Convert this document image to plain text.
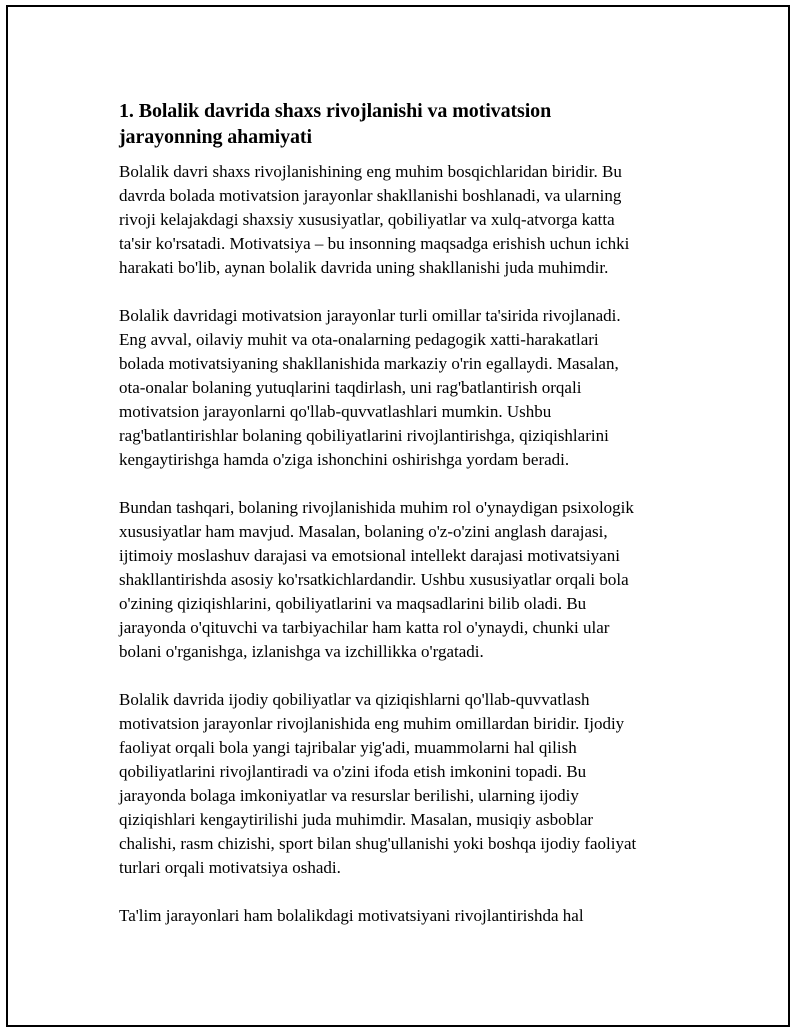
1. Bolalik davrida shaxs rivojlanishi va motivatsion
jarayonning ahamiyati

Bolalik davri shaxs rivojlanishining eng muhim bosqichlaridan biridir. Bu
davrda bolada motivatsion jarayonlar shakllanishi boshlanadi, va ularning
rivoji kelajakdagi shaxsiy xususiyatlar, qobiliyatlar va xulq-atvorga katta
ta'sir ko'rsatadi. Motivatsiya – bu insonning maqsadga erishish uchun ichki
harakati bo'lib, aynan bolalik davrida uning shakllanishi juda muhimdir.

Bolalik davridagi motivatsion jarayonlar turli omillar ta'sirida rivojlanadi.
Eng avval, oilaviy muhit va ota-onalarning pedagogik xatti-harakatlari
bolada motivatsiyaning shakllanishida markaziy o'rin egallaydi. Masalan,
ota-onalar bolaning yutuqlarini taqdirlash, uni rag'batlantirish orqali
motivatsion jarayonlarni qo'llab-quvvatlashlari mumkin. Ushbu
rag'batlantirishlar bolaning qobiliyatlarini rivojlantirishga, qiziqishlarini
kengaytirishga hamda o'ziga ishonchini oshirishga yordam beradi.

Bundan tashqari, bolaning rivojlanishida muhim rol o'ynaydigan psixologik
xususiyatlar ham mavjud. Masalan, bolaning o'z-o'zini anglash darajasi,
ijtimoiy moslashuv darajasi va emotsional intellekt darajasi motivatsiyani
shakllantirishda asosiy ko'rsatkichlardandir. Ushbu xususiyatlar orqali bola
o'zining qiziqishlarini, qobiliyatlarini va maqsadlarini bilib oladi. Bu
jarayonda o'qituvchi va tarbiyachilar ham katta rol o'ynaydi, chunki ular
bolani o'rganishga, izlanishga va izchillikka o'rgatadi.

Bolalik davrida ijodiy qobiliyatlar va qiziqishlarni qo'llab-quvvatlash
motivatsion jarayonlar rivojlanishida eng muhim omillardan biridir. Ijodiy
faoliyat orqali bola yangi tajribalar yig'adi, muammolarni hal qilish
qobiliyatlarini rivojlantiradi va o'zini ifoda etish imkonini topadi. Bu
jarayonda bolaga imkoniyatlar va resurslar berilishi, ularning ijodiy
qiziqishlari kengaytirilishi juda muhimdir. Masalan, musiqiy asboblar
chalishi, rasm chizishi, sport bilan shug'ullanishi yoki boshqa ijodiy faoliyat
turlari orqali motivatsiya oshadi.

Ta'lim jarayonlari ham bolalikdagi motivatsiyani rivojlantirishda hal
